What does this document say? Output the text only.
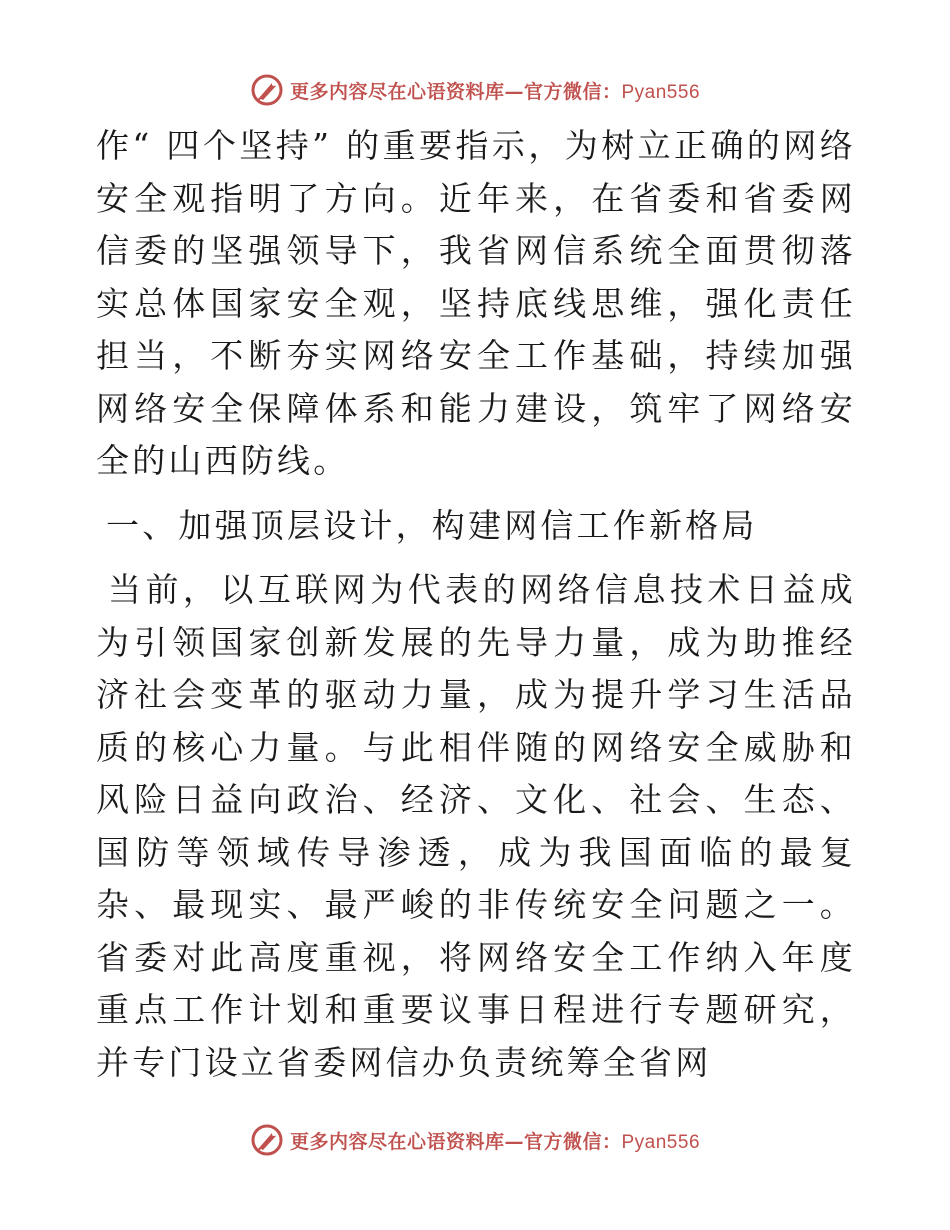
更多内容尽在心语资料库—官方微信：Pyan556

作“ 四个坚持” 的重要指示，为树立正确的网络安全观指明了方向。近年来，在省委和省委网信委的坚强领导下，我省网信系统全面贯彻落实总体国家安全观，坚持底线思维，强化责任担当，不断夯实网络安全工作基础，持续加强网络安全保障体系和能力建设，筑牢了网络安全的山西防线。

一、加强顶层设计，构建网信工作新格局

当前，以互联网为代表的网络信息技术日益成为引领国家创新发展的先导力量，成为助推经济社会变革的驱动力量，成为提升学习生活品质的核心力量。与此相伴随的网络安全威胁和风险日益向政治、经济、文化、社会、生态、国防等领域传导渗透，成为我国面临的最复杂、最现实、最严峻的非传统安全问题之一。省委对此高度重视，将网络安全工作纳入年度重点工作计划和重要议事日程进行专题研究，并专门设立省委网信办负责统筹全省网

更多内容尽在心语资料库—官方微信：Pyan556
